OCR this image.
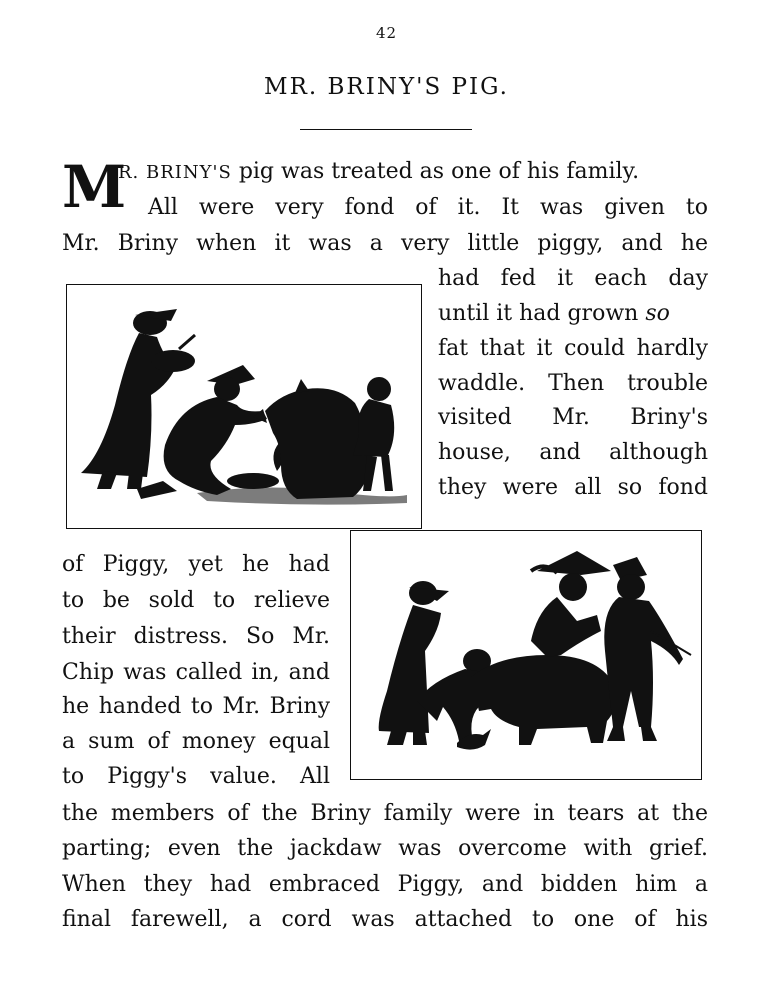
42
MR. BRINY'S PIG.
M
R. BRINY'S pig was treated as one of his family.
All were very fond of it. It was given to
Mr. Briny when it was a very little piggy, and he
had fed it each day
until it had grown so
fat that it could hardly
waddle. Then trouble
visited Mr. Briny's
house, and although
they were all so fond
of Piggy, yet he had
to be sold to relieve
their distress. So Mr.
Chip was called in, and
he handed to Mr. Briny
a sum of money equal
to Piggy's value. All
the members of the Briny family were in tears at the
parting; even the jackdaw was overcome with grief.
When they had embraced Piggy, and bidden him a
final farewell, a cord was attached to one of his
